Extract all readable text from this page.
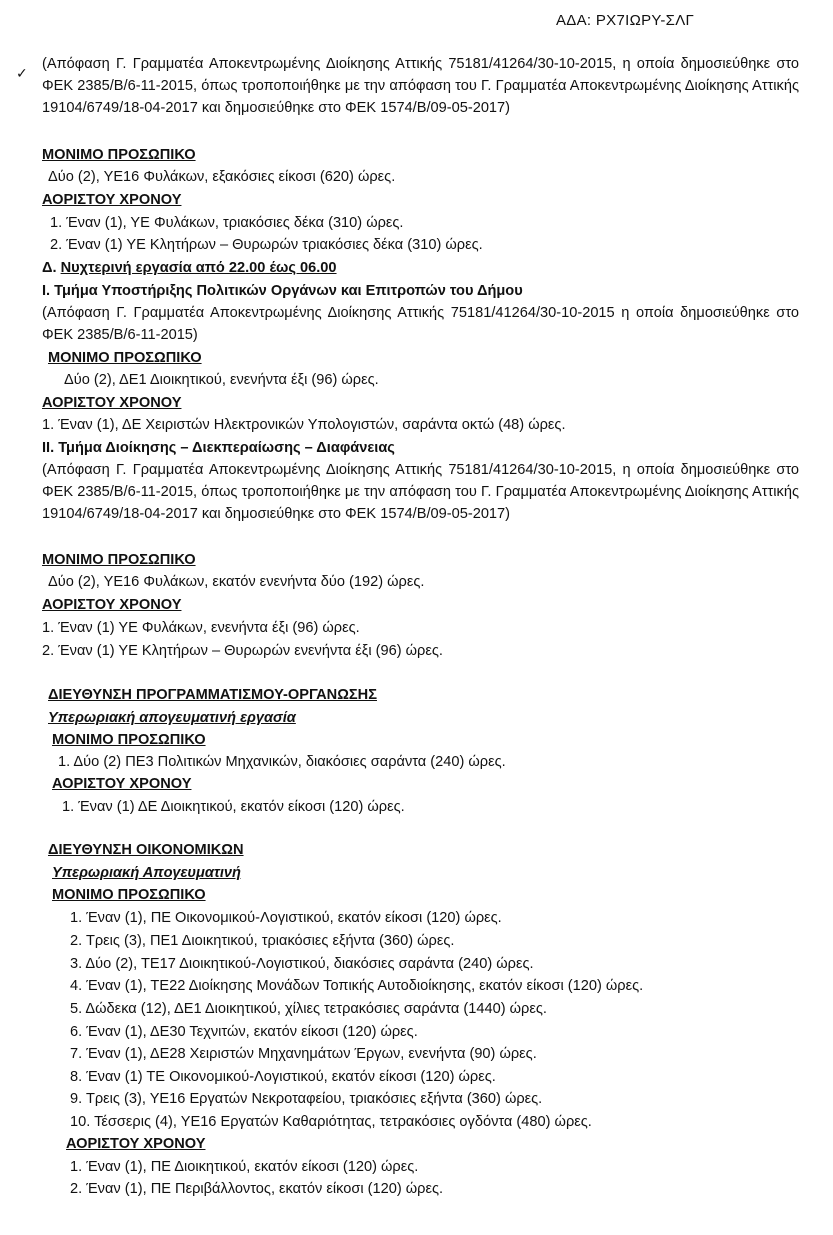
ΑΔΑ: ΡΧ7ΙΩΡΥ-ΣΛΓ
✓

(Απόφαση Γ. Γραμματέα Αποκεντρωμένης Διοίκησης Αττικής 75181/41264/30-10-2015, η οποία δημοσιεύθηκε στο ΦΕΚ 2385/Β/6-11-2015, όπως τροποποιήθηκε με την απόφαση του Γ. Γραμματέα Αποκεντρωμένης Διοίκησης Αττικής 19104/6749/18-04-2017 και δημοσιεύθηκε στο ΦΕΚ 1574/Β/09-05-2017)

ΜΟΝΙΜΟ ΠΡΟΣΩΠΙΚΟ
Δύο (2), ΥΕ16 Φυλάκων, εξακόσιες είκοσι (620) ώρες.
ΑΟΡΙΣΤΟΥ ΧΡΟΝΟΥ
1. Έναν (1), ΥΕ Φυλάκων, τριακόσιες δέκα (310) ώρες.
2. Έναν (1) ΥΕ Κλητήρων – Θυρωρών τριακόσιες δέκα (310) ώρες.
Δ. Νυχτερινή εργασία από 22.00 έως 06.00
Ι. Τμήμα Υποστήριξης Πολιτικών Οργάνων και Επιτροπών του Δήμου

(Απόφαση Γ. Γραμματέα Αποκεντρωμένης Διοίκησης Αττικής 75181/41264/30-10-2015 η οποία δημοσιεύθηκε στο ΦΕΚ 2385/Β/6-11-2015)

ΜΟΝΙΜΟ ΠΡΟΣΩΠΙΚΟ
Δύο (2), ΔΕ1 Διοικητικού, ενενήντα έξι (96) ώρες.
ΑΟΡΙΣΤΟΥ ΧΡΟΝΟΥ
1. Έναν (1), ΔΕ Χειριστών Ηλεκτρονικών Υπολογιστών, σαράντα οκτώ (48) ώρες.
ΙΙ. Τμήμα Διοίκησης – Διεκπεραίωσης – Διαφάνειας

(Απόφαση Γ. Γραμματέα Αποκεντρωμένης Διοίκησης Αττικής 75181/41264/30-10-2015, η οποία δημοσιεύθηκε στο ΦΕΚ 2385/Β/6-11-2015, όπως τροποποιήθηκε με την απόφαση του Γ. Γραμματέα Αποκεντρωμένης Διοίκησης Αττικής 19104/6749/18-04-2017 και δημοσιεύθηκε στο ΦΕΚ 1574/Β/09-05-2017)

ΜΟΝΙΜΟ ΠΡΟΣΩΠΙΚΟ
Δύο (2), ΥΕ16 Φυλάκων, εκατόν ενενήντα δύο (192) ώρες.
ΑΟΡΙΣΤΟΥ ΧΡΟΝΟΥ
1. Έναν (1) ΥΕ Φυλάκων, ενενήντα έξι (96) ώρες.
2. Έναν (1) ΥΕ Κλητήρων – Θυρωρών ενενήντα έξι (96) ώρες.
ΔΙΕΥΘΥΝΣΗ ΠΡΟΓΡΑΜΜΑΤΙΣΜΟΥ-ΟΡΓΑΝΩΣΗΣ
Υπερωριακή απογευματινή εργασία
ΜΟΝΙΜΟ ΠΡΟΣΩΠΙΚΟ
1. Δύο (2) ΠΕ3 Πολιτικών Μηχανικών, διακόσιες σαράντα (240) ώρες.
ΑΟΡΙΣΤΟΥ ΧΡΟΝΟΥ
1. Έναν (1) ΔΕ Διοικητικού, εκατόν είκοσι (120) ώρες.
ΔΙΕΥΘΥΝΣΗ ΟΙΚΟΝΟΜΙΚΩΝ
Υπερωριακή Απογευματινή
ΜΟΝΙΜΟ ΠΡΟΣΩΠΙΚΟ
1. Έναν (1), ΠΕ Οικονομικού-Λογιστικού, εκατόν είκοσι (120) ώρες.
2. Τρεις (3), ΠΕ1 Διοικητικού, τριακόσιες εξήντα (360) ώρες.
3. Δύο (2), ΤΕ17 Διοικητικού-Λογιστικού, διακόσιες σαράντα (240) ώρες.
4. Έναν (1), ΤΕ22 Διοίκησης Μονάδων Τοπικής Αυτοδιοίκησης, εκατόν είκοσι (120) ώρες.
5. Δώδεκα (12), ΔΕ1 Διοικητικού, χίλιες τετρακόσιες σαράντα (1440) ώρες.
6. Έναν (1), ΔΕ30 Τεχνιτών, εκατόν είκοσι (120) ώρες.
7. Έναν (1), ΔΕ28 Χειριστών Μηχανημάτων Έργων, ενενήντα (90) ώρες.
8. Έναν (1) ΤΕ Οικονομικού-Λογιστικού, εκατόν είκοσι (120) ώρες.
9. Τρεις (3), ΥΕ16 Εργατών Νεκροταφείου, τριακόσιες εξήντα (360) ώρες.
10. Τέσσερις (4), ΥΕ16 Εργατών Καθαριότητας, τετρακόσιες ογδόντα (480) ώρες.
ΑΟΡΙΣΤΟΥ ΧΡΟΝΟΥ
1. Έναν (1), ΠΕ Διοικητικού, εκατόν είκοσι (120) ώρες.
2. Έναν (1), ΠΕ Περιβάλλοντος, εκατόν είκοσι (120) ώρες.
